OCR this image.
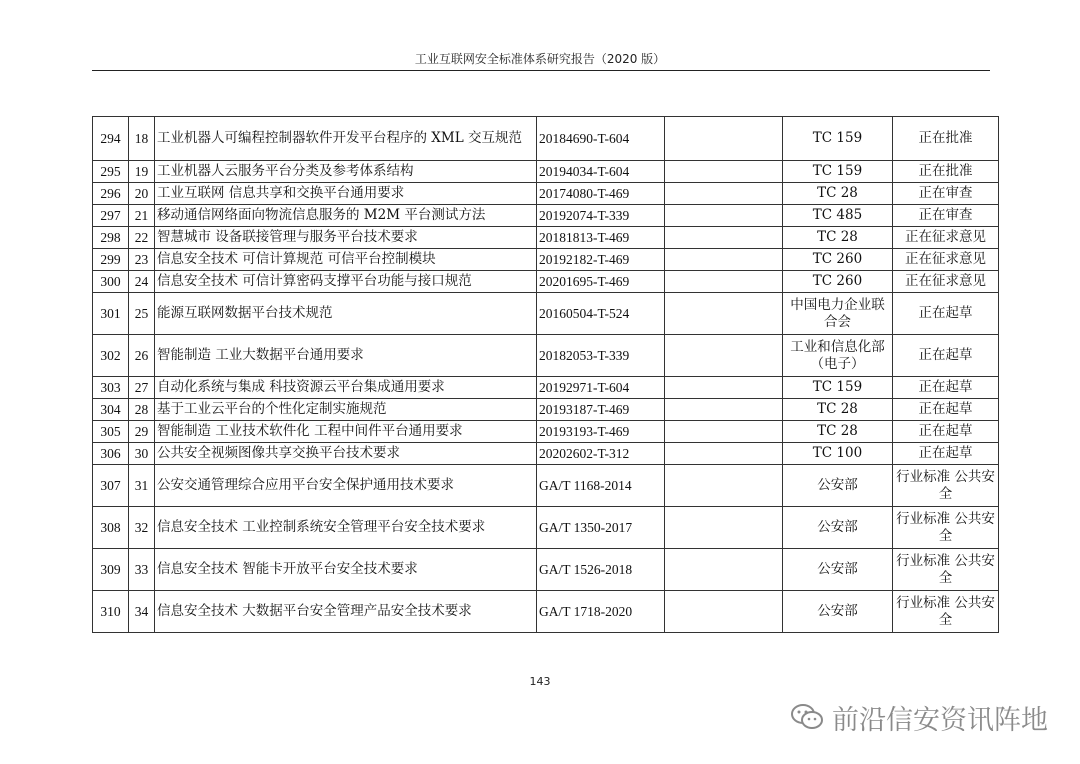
工业互联网安全标准体系研究报告（2020 版）
294	18	工业机器人可编程控制器软件开发平台程序的 XML 交互规范	20184690-T-604		TC 159	正在批准
295	19	工业机器人云服务平台分类及参考体系结构	20194034-T-604		TC 159	正在批准
296	20	工业互联网 信息共享和交换平台通用要求	20174080-T-469		TC 28	正在审查
297	21	移动通信网络面向物流信息服务的 M2M 平台测试方法	20192074-T-339		TC 485	正在审查
298	22	智慧城市 设备联接管理与服务平台技术要求	20181813-T-469		TC 28	正在征求意见
299	23	信息安全技术 可信计算规范 可信平台控制模块	20192182-T-469		TC 260	正在征求意见
300	24	信息安全技术 可信计算密码支撑平台功能与接口规范	20201695-T-469		TC 260	正在征求意见
301	25	能源互联网数据平台技术规范	20160504-T-524		中国电力企业联合会	正在起草
302	26	智能制造 工业大数据平台通用要求	20182053-T-339		工业和信息化部（电子）	正在起草
303	27	自动化系统与集成 科技资源云平台集成通用要求	20192971-T-604		TC 159	正在起草
304	28	基于工业云平台的个性化定制实施规范	20193187-T-469		TC 28	正在起草
305	29	智能制造 工业技术软件化 工程中间件平台通用要求	20193193-T-469		TC 28	正在起草
306	30	公共安全视频图像共享交换平台技术要求	20202602-T-312		TC 100	正在起草
307	31	公安交通管理综合应用平台安全保护通用技术要求	GA/T 1168-2014		公安部	行业标准 公共安全
308	32	信息安全技术 工业控制系统安全管理平台安全技术要求	GA/T 1350-2017		公安部	行业标准 公共安全
309	33	信息安全技术 智能卡开放平台安全技术要求	GA/T 1526-2018		公安部	行业标准 公共安全
310	34	信息安全技术 大数据平台安全管理产品安全技术要求	GA/T 1718-2020		公安部	行业标准 公共安全
143
前沿信安资讯阵地
